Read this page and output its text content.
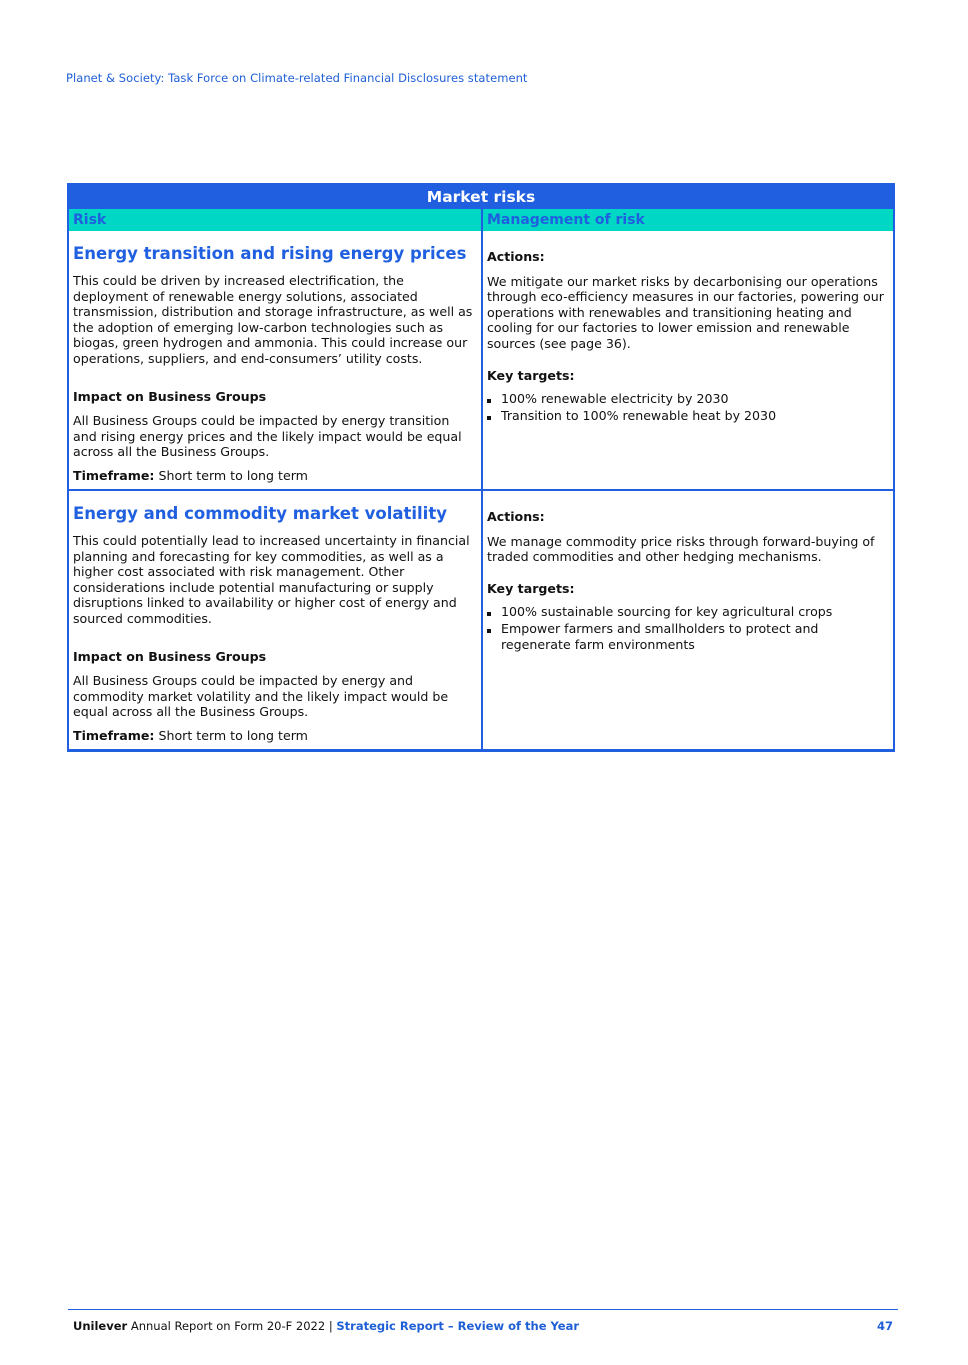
Planet & Society: Task Force on Climate-related Financial Disclosures statement
Market risks
Risk	Management of risk
Energy transition and rising energy prices

This could be driven by increased electrification, the deployment of renewable energy solutions, associated transmission, distribution and storage infrastructure, as well as the adoption of emerging low-carbon technologies such as biogas, green hydrogen and ammonia. This could increase our operations, suppliers, and end-consumers’ utility costs.

Impact on Business Groups

All Business Groups could be impacted by energy transition and rising energy prices and the likely impact would be equal across all the Business Groups.

Timeframe: Short term to long term

Actions:

We mitigate our market risks by decarbonising our operations through eco-efficiency measures in our factories, powering our operations with renewables and transitioning heating and cooling for our factories to lower emission and renewable sources (see page 36).

Key targets:
100% renewable electricity by 2030
Transition to 100% renewable heat by 2030
Energy and commodity market volatility

This could potentially lead to increased uncertainty in financial planning and forecasting for key commodities, as well as a higher cost associated with risk management. Other considerations include potential manufacturing or supply disruptions linked to availability or higher cost of energy and sourced commodities.

Impact on Business Groups

All Business Groups could be impacted by energy and commodity market volatility and the likely impact would be equal across all the Business Groups.

Timeframe: Short term to long term

Actions:

We manage commodity price risks through forward-buying of traded commodities and other hedging mechanisms.

Key targets:
100% sustainable sourcing for key agricultural crops
Empower farmers and smallholders to protect and regenerate farm environments
Unilever Annual Report on Form 20-F 2022 | Strategic Report – Review of the Year	47
